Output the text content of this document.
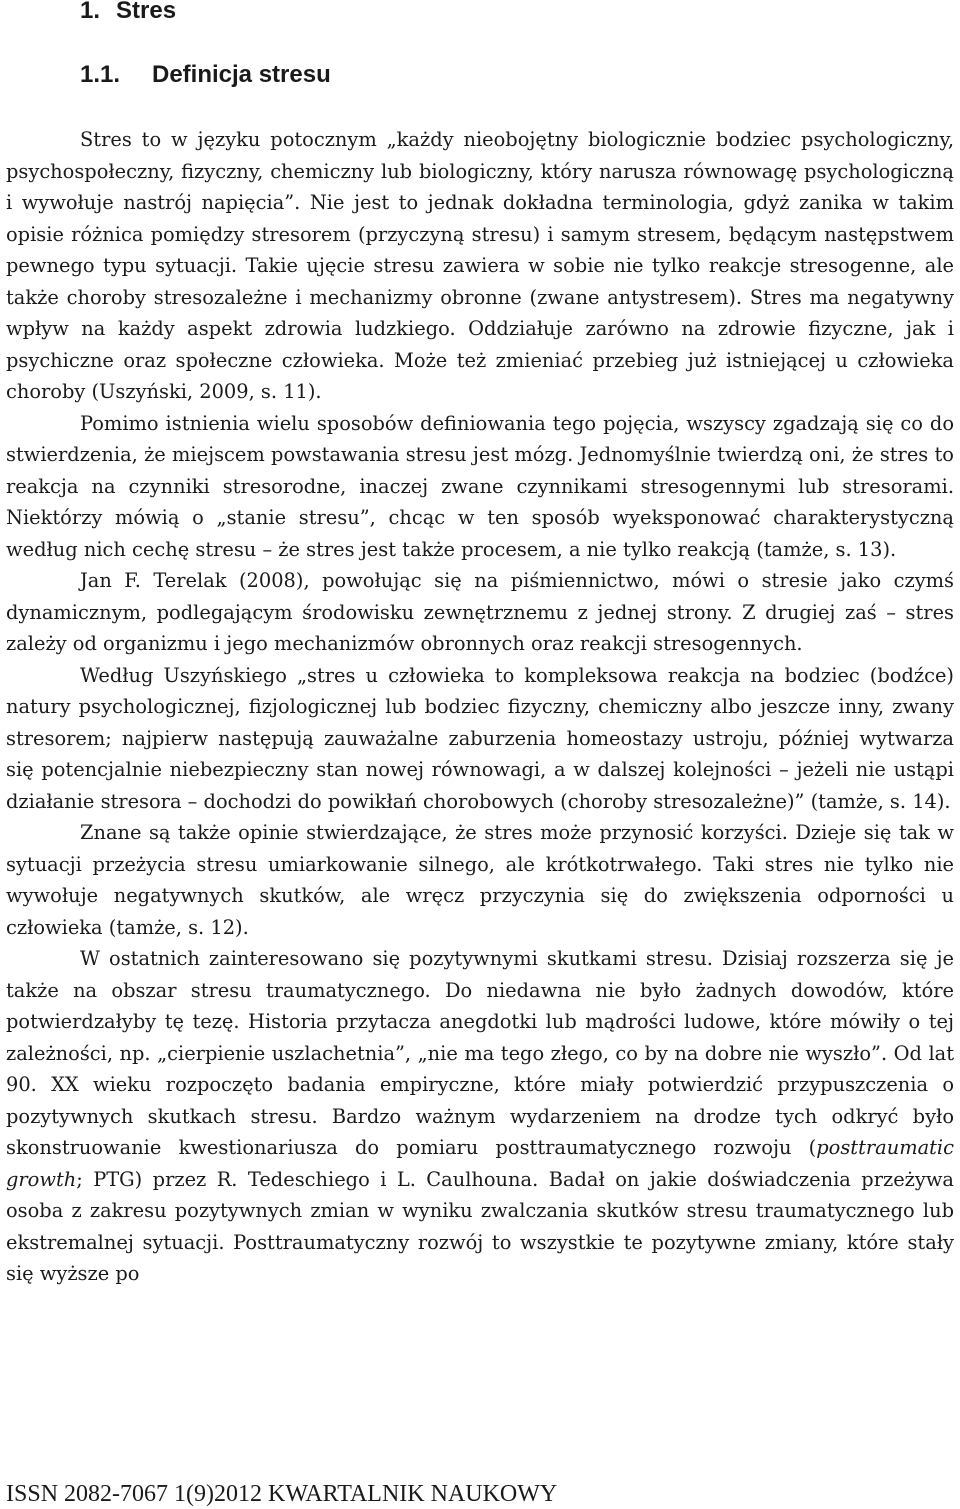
1. Stres
1.1. Definicja stresu

Stres to w języku potocznym „każdy nieobojętny biologicznie bodziec psychologiczny, psychospołeczny, fizyczny, chemiczny lub biologiczny, który narusza równowagę psychologiczną i wywołuje nastrój napięcia”. Nie jest to jednak dokładna terminologia, gdyż zanika w takim opisie różnica pomiędzy stresorem (przyczyną stresu) i samym stresem, będącym następstwem pewnego typu sytuacji. Takie ujęcie stresu zawiera w sobie nie tylko reakcje stresogenne, ale także choroby stresozależne i mechanizmy obronne (zwane antystresem). Stres ma negatywny wpływ na każdy aspekt zdrowia ludzkiego. Oddziałuje zarówno na zdrowie fizyczne, jak i psychiczne oraz społeczne człowieka. Może też zmieniać przebieg już istniejącej u człowieka choroby (Uszyński, 2009, s. 11).

Pomimo istnienia wielu sposobów definiowania tego pojęcia, wszyscy zgadzają się co do stwierdzenia, że miejscem powstawania stresu jest mózg. Jednomyślnie twierdzą oni, że stres to reakcja na czynniki stresorodne, inaczej zwane czynnikami stresogennymi lub stresorami. Niektórzy mówią o „stanie stresu”, chcąc w ten sposób wyeksponować charakterystyczną według nich cechę stresu – że stres jest także procesem, a nie tylko reakcją (tamże, s. 13).

Jan F. Terelak (2008), powołując się na piśmiennictwo, mówi o stresie jako czymś dynamicznym, podlegającym środowisku zewnętrznemu z jednej strony. Z drugiej zaś – stres zależy od organizmu i jego mechanizmów obronnych oraz reakcji stresogennych.

Według Uszyńskiego „stres u człowieka to kompleksowa reakcja na bodziec (bodźce) natury psychologicznej, fizjologicznej lub bodziec fizyczny, chemiczny albo jeszcze inny, zwany stresorem; najpierw następują zauważalne zaburzenia homeostazy ustroju, później wytwarza się potencjalnie niebezpieczny stan nowej równowagi, a w dalszej kolejności – jeżeli nie ustąpi działanie stresora – dochodzi do powikłań chorobowych (choroby stresozależne)” (tamże, s. 14).

Znane są także opinie stwierdzające, że stres może przynosić korzyści. Dzieje się tak w sytuacji przeżycia stresu umiarkowanie silnego, ale krótkotrwałego. Taki stres nie tylko nie wywołuje negatywnych skutków, ale wręcz przyczynia się do zwiększenia odporności u człowieka (tamże, s. 12).

W ostatnich zainteresowano się pozytywnymi skutkami stresu. Dzisiaj rozszerza się je także na obszar stresu traumatycznego. Do niedawna nie było żadnych dowodów, które potwierdzałyby tę tezę. Historia przytacza anegdotki lub mądrości ludowe, które mówiły o tej zależności, np. „cierpienie uszlachetnia”, „nie ma tego złego, co by na dobre nie wyszło”. Od lat 90. XX wieku rozpoczęto badania empiryczne, które miały potwierdzić przypuszczenia o pozytywnych skutkach stresu. Bardzo ważnym wydarzeniem na drodze tych odkryć było skonstruowanie kwestionariusza do pomiaru posttraumatycznego rozwoju (posttraumatic growth; PTG) przez R. Tedeschiego i L. Caulhouna. Badał on jakie doświadczenia przeżywa osoba z zakresu pozytywnych zmian w wyniku zwalczania skutków stresu traumatycznego lub ekstremalnej sytuacji. Posttraumatyczny rozwój to wszystkie te pozytywne zmiany, które stały się wyższe po

ISSN 2082-7067 1(9)2012 KWARTALNIK NAUKOWY
